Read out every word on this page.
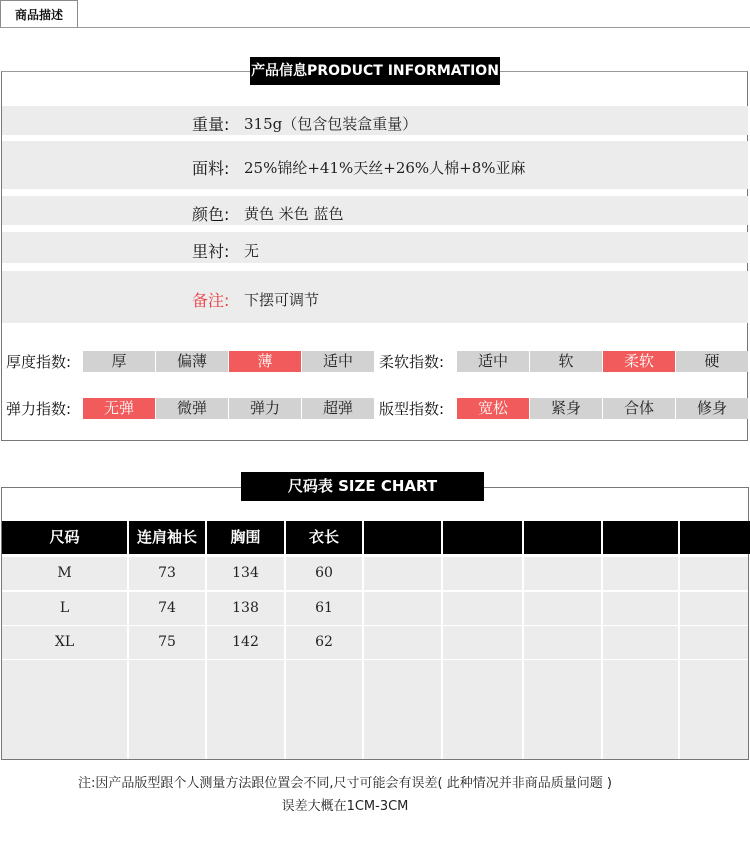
商品描述
产品信息PRODUCT INFORMATION
重量: 315g（包含包装盒重量）
面料: 25%锦纶+41%天丝+26%人棉+8%亚麻
颜色: 黄色 米色 蓝色
里衬: 无
备注: 下摆可调节
厚度指数:	厚	偏薄	薄	适中	柔软指数:	适中	软	柔软	硬
弹力指数:	无弹	微弹	弹力	超弹	版型指数:	宽松	紧身	合体	修身
尺码表 SIZE CHART
尺码	连肩袖长	胸围	衣长
M	73	134	60
L	74	138	61
XL	75	142	62
注:因产品版型跟个人测量方法跟位置会不同,尺寸可能会有误差( 此种情况并非商品质量问题 )
误差大概在1CM-3CM
